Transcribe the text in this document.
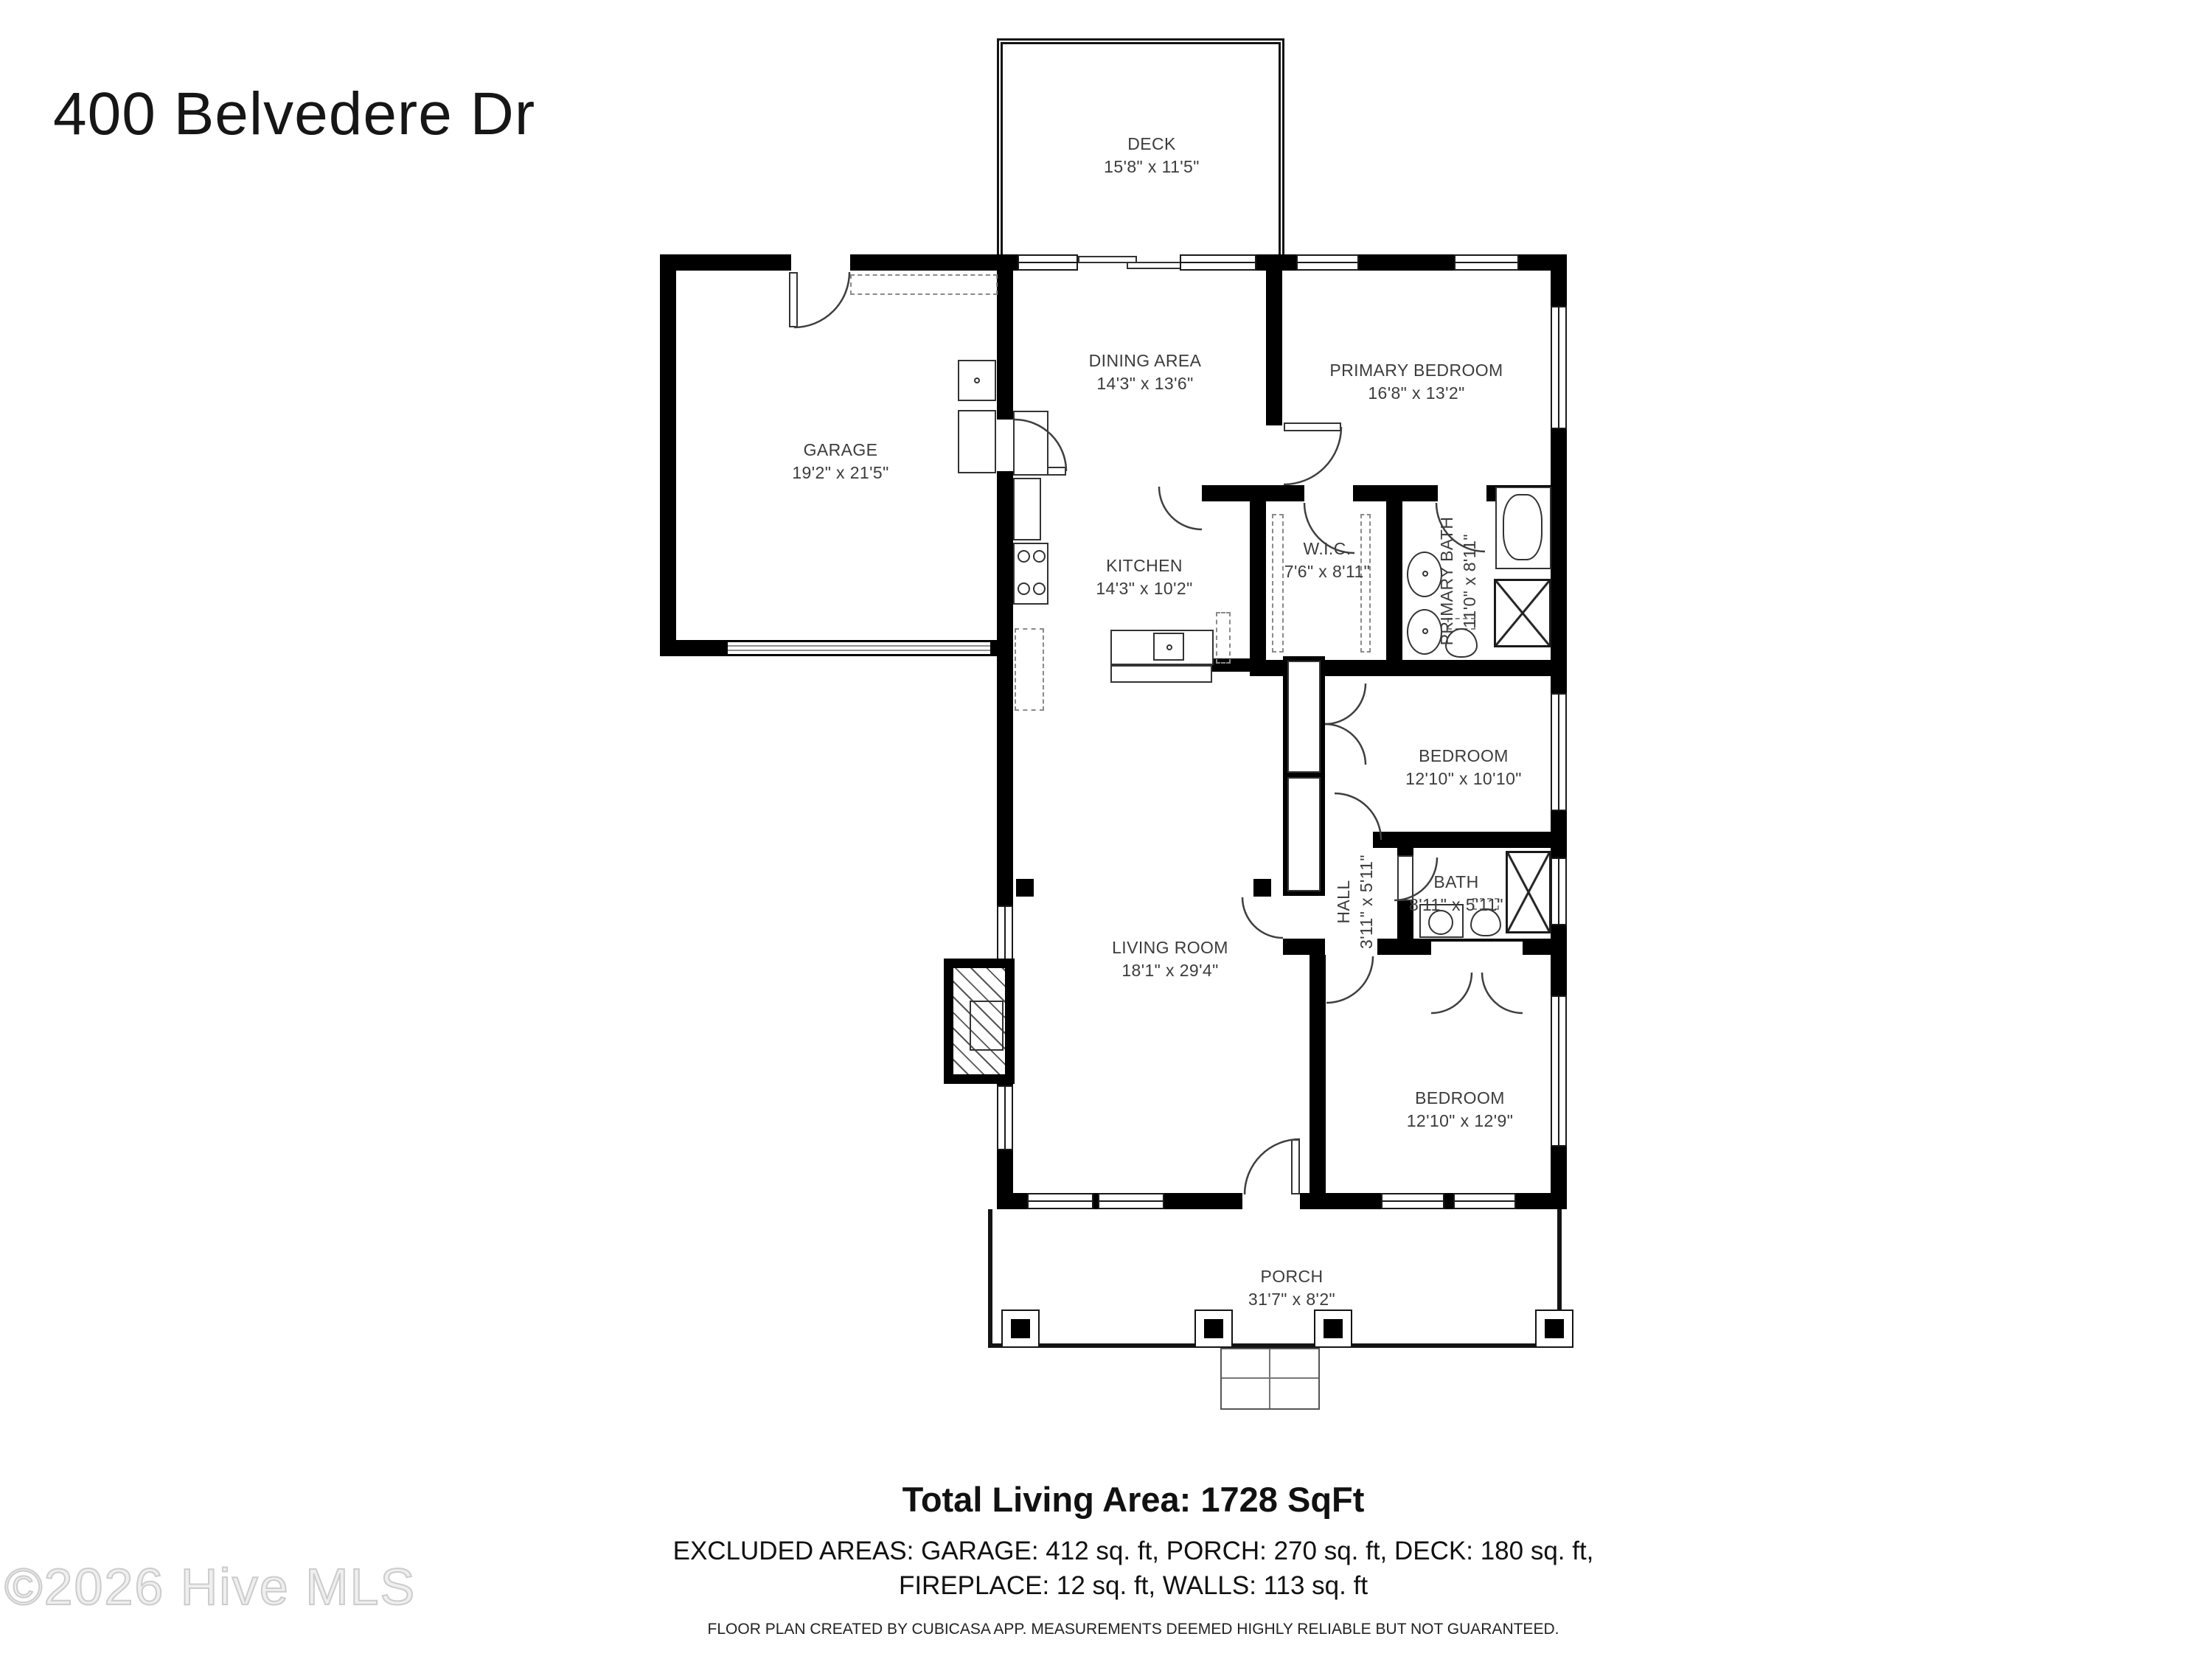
400 Belvedere Dr
©2026 Hive MLS
DECK
15'8" x 11'5"
GARAGE
19'2" x 21'5"
DINING AREA
14'3" x 13'6"
PRIMARY BEDROOM
16'8" x 13'2"
KITCHEN
14'3" x 10'2"
W.I.C.
7'6" x 8'11"	PRIMARY BATH 11'0" x 8'11"
BEDROOM
12'10" x 10'10"
HALL 3'11" x 5'11"	BATH
8'11" x 5'11"
LIVING ROOM
18'1" x 29'4"
BEDROOM
12'10" x 12'9"
PORCH
31'7" x 8'2"
Total Living Area: 1728 SqFt
EXCLUDED AREAS: GARAGE: 412 sq. ft, PORCH: 270 sq. ft, DECK: 180 sq. ft,
FIREPLACE: 12 sq. ft, WALLS: 113 sq. ft
FLOOR PLAN CREATED BY CUBICASA APP. MEASUREMENTS DEEMED HIGHLY RELIABLE BUT NOT GUARANTEED.
